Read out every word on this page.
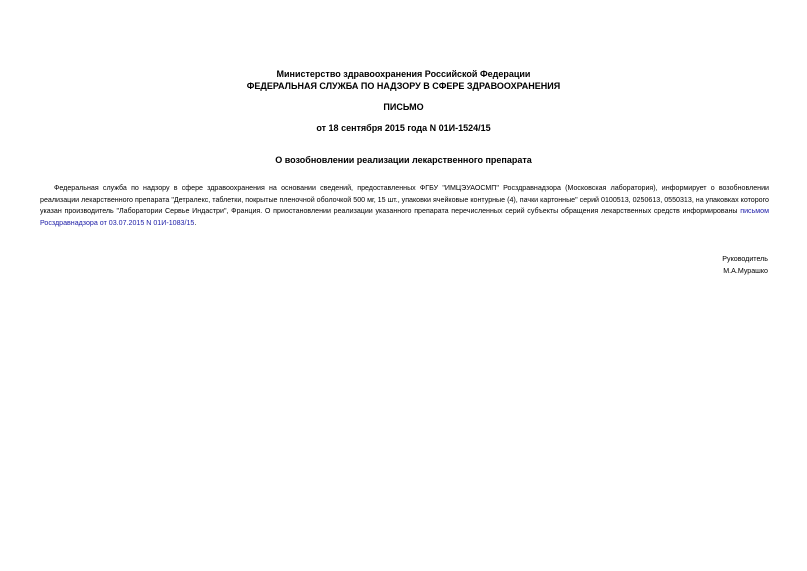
Министерство здравоохранения Российской Федерации
ФЕДЕРАЛЬНАЯ СЛУЖБА ПО НАДЗОРУ В СФЕРЕ ЗДРАВООХРАНЕНИЯ
ПИСЬМО
от 18 сентября 2015 года N 01И-1524/15
О возобновлении реализации лекарственного препарата

Федеральная служба по надзору в сфере здравоохранения на основании сведений, предоставленных ФГБУ "ИМЦЭУАОСМП" Росздравнадзора (Московская лаборатория), информирует о возобновлении реализации лекарственного препарата "Детралекс, таблетки, покрытые пленочной оболочкой 500 мг, 15 шт., упаковки ячейковые контурные (4), пачки картонные" серий 0100513, 0250613, 0550313, на упаковках которого указан производитель "Лаборатории Сервье Индастри", Франция. О приостановлении реализации указанного препарата перечисленных серий субъекты обращения лекарственных средств информированы письмом Росздравнадзора от 03.07.2015 N 01И-1083/15.

Руководитель
М.А.Мурашко
